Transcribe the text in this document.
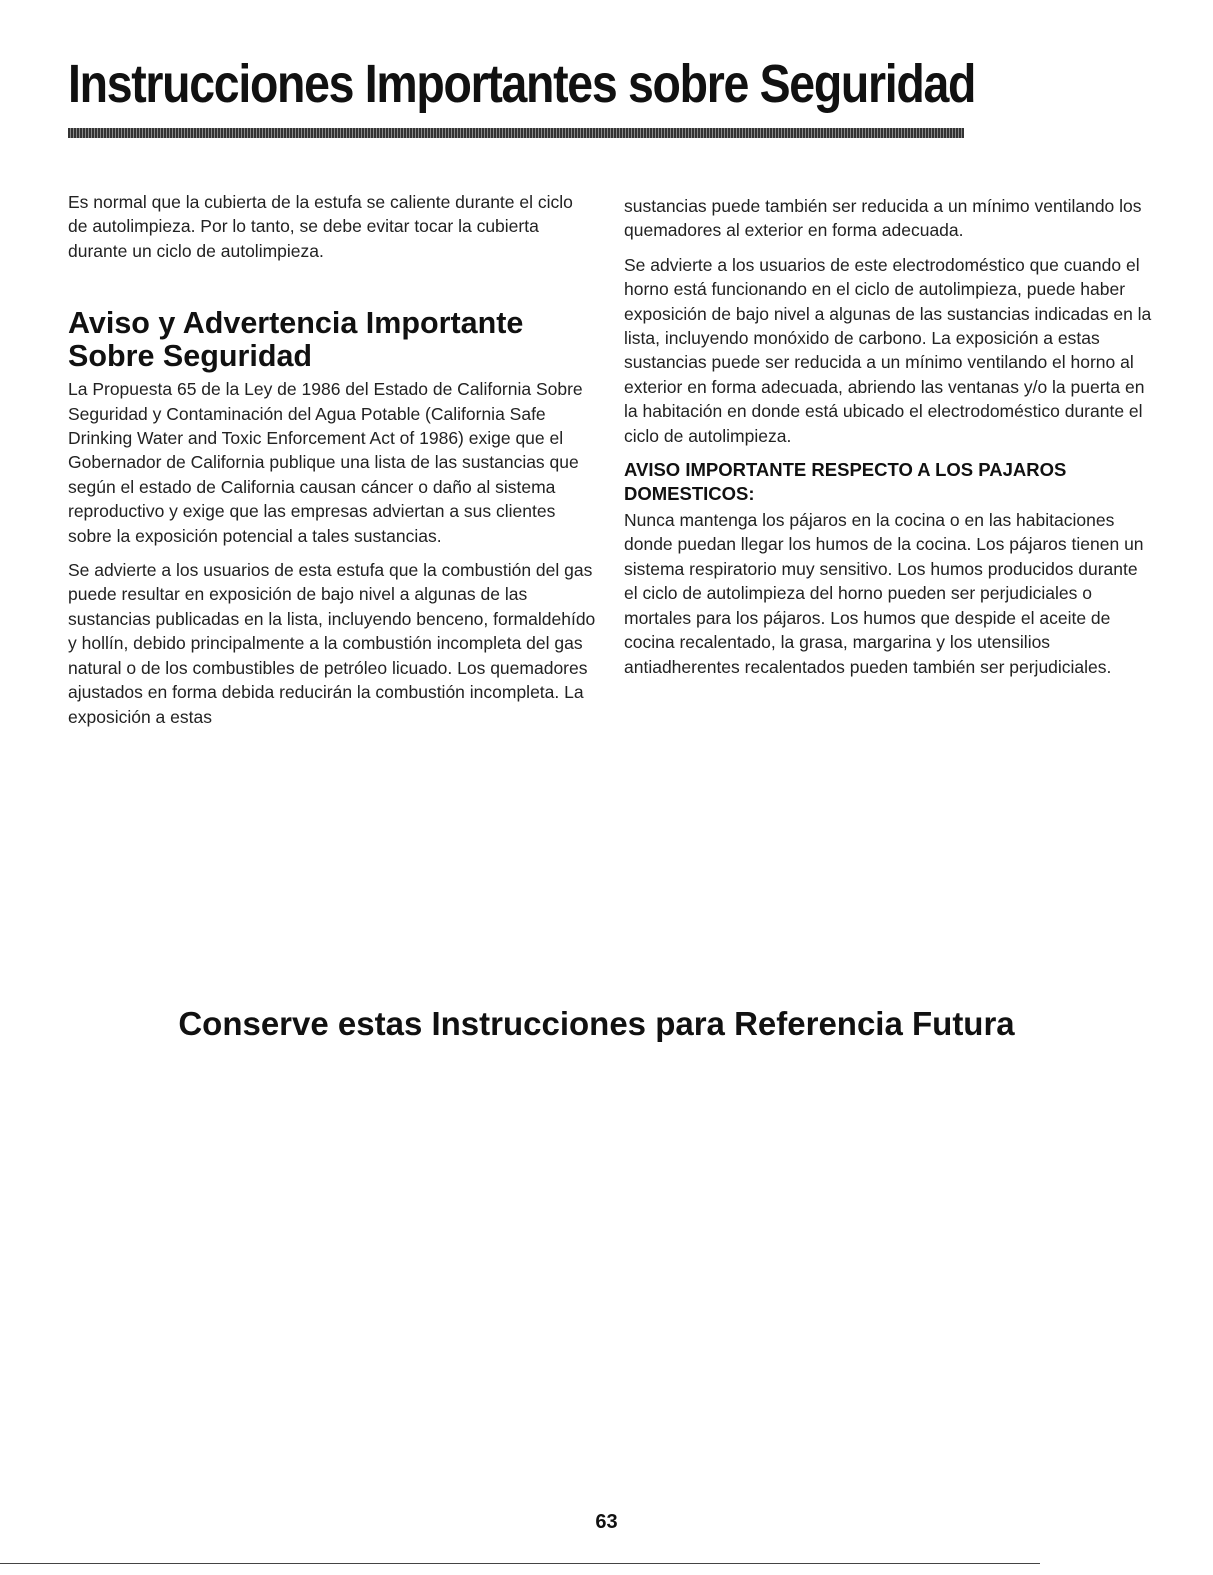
Instrucciones Importantes sobre Seguridad

Es normal que la cubierta de la estufa se caliente durante el ciclo de autolimpieza. Por lo tanto, se debe evitar tocar la cubierta durante un ciclo de autolimpieza.

Aviso y Advertencia Importante Sobre Seguridad

La Propuesta 65 de la Ley de 1986 del Estado de California Sobre Seguridad y Contaminación del Agua Potable (California Safe Drinking Water and Toxic Enforcement Act of 1986) exige que el Gobernador de California publique una lista de las sustancias que según el estado de California causan cáncer o daño al sistema reproductivo y exige que las empresas adviertan a sus clientes sobre la exposición potencial a tales sustancias.

Se advierte a los usuarios de esta estufa que la combustión del gas puede resultar en exposición de bajo nivel a algunas de las sustancias publicadas en la lista, incluyendo benceno, formaldehído y hollín, debido principalmente a la combustión incompleta del gas natural o de los combustibles de petróleo licuado. Los quemadores ajustados en forma debida reducirán la combustión incompleta. La exposición a estas

sustancias puede también ser reducida a un mínimo ventilando los quemadores al exterior en forma adecuada.

Se advierte a los usuarios de este electrodoméstico que cuando el horno está funcionando en el ciclo de autolimpieza, puede haber exposición de bajo nivel a algunas de las sustancias indicadas en la lista, incluyendo monóxido de carbono. La exposición a estas sustancias puede ser reducida a un mínimo ventilando el horno al exterior en forma adecuada, abriendo las ventanas y/o la puerta en la habitación en donde está ubicado el electrodoméstico durante el ciclo de autolimpieza.

AVISO IMPORTANTE RESPECTO A LOS PAJAROS DOMESTICOS:

Nunca mantenga los pájaros en la cocina o en las habitaciones donde puedan llegar los humos de la cocina. Los pájaros tienen un sistema respiratorio muy sensitivo. Los humos producidos durante el ciclo de autolimpieza del horno pueden ser perjudiciales o mortales para los pájaros. Los humos que despide el aceite de cocina recalentado, la grasa, margarina y los utensilios antiadherentes recalentados pueden también ser perjudiciales.

Conserve estas Instrucciones para Referencia Futura
63
